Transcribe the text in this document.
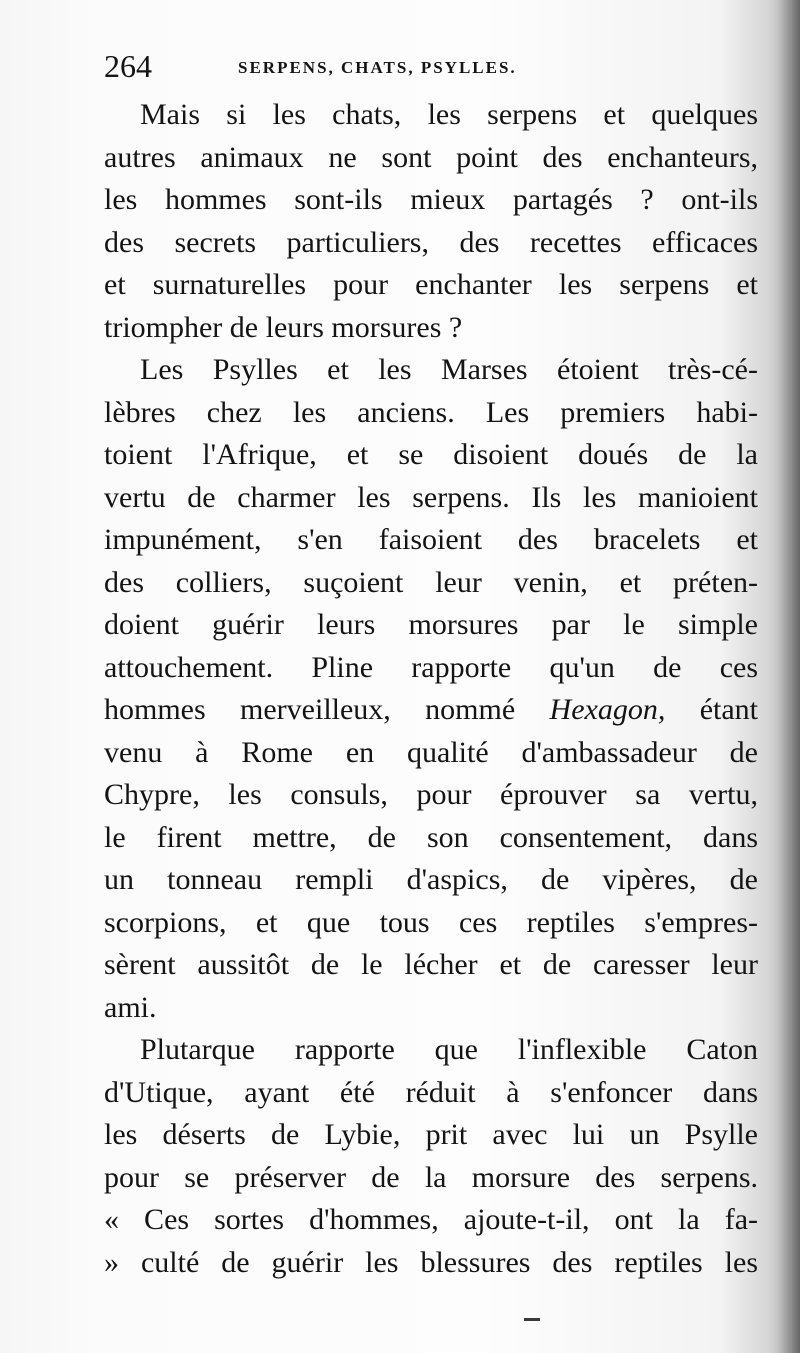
264	SERPENS, CHATS, PSYLLES.
Mais si les chats, les serpens et quelques
autres animaux ne sont point des enchanteurs,
les hommes sont-ils mieux partagés ? ont-ils
des secrets particuliers, des recettes efficaces
et surnaturelles pour enchanter les serpens et
triompher de leurs morsures ?
Les Psylles et les Marses étoient très-cé-
lèbres chez les anciens. Les premiers habi-
toient l'Afrique, et se disoient doués de la
vertu de charmer les serpens. Ils les manioient
impunément, s'en faisoient des bracelets et
des colliers, suçoient leur venin, et préten-
doient guérir leurs morsures par le simple
attouchement. Pline rapporte qu'un de ces
hommes merveilleux, nommé Hexagon, étant
venu à Rome en qualité d'ambassadeur de
Chypre, les consuls, pour éprouver sa vertu,
le firent mettre, de son consentement, dans
un tonneau rempli d'aspics, de vipères, de
scorpions, et que tous ces reptiles s'empres-
sèrent aussitôt de le lécher et de caresser leur
ami.
Plutarque rapporte que l'inflexible Caton
d'Utique, ayant été réduit à s'enfoncer dans
les déserts de Lybie, prit avec lui un Psylle
pour se préserver de la morsure des serpens.
« Ces sortes d'hommes, ajoute-t-il, ont la fa-
» culté de guérir les blessures des reptiles les
